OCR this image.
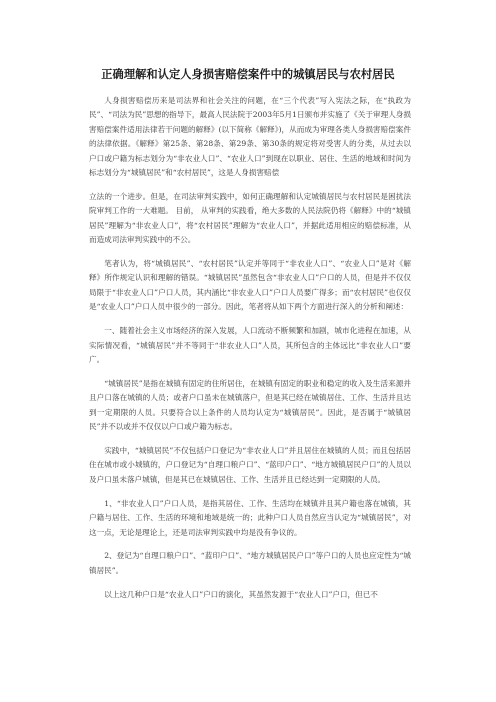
正确理解和认定人身损害赔偿案件中的城镇居民与农村居民

人身损害赔偿历来是司法界和社会关注的问题，在“三个代表”写入宪法之际，在“执政为民”、“司法为民”思想的指导下，最高人民法院于2003年5月1日颁布并实施了《关于审理人身损害赔偿案件适用法律若干问题的解释》(以下简称《解释》)，从而成为审理各类人身损害赔偿案件的法律依据。《解释》第25条、第28条、第29条、第30条的规定将对受害人的分类，从过去以户口或户籍为标志划分为“非农业人口”、“农业人口”到现在以职业、居住、生活的地域和时间为标志划分为“城镇居民”和“农村居民”，这是人身损害赔偿

立法的一个进步。但是，在司法审判实践中，如何正确理解和认定城镇居民与农村居民是困扰法院审判工作的一大难题。 目前， 从审判的实践看，绝大多数的人民法院仍将《解释》中的“城镇居民”理解为“非农业人口”，将“农村居民”理解为“农业人口”，并据此适用相应的赔偿标准，从而造成司法审判实践中的不公。

笔者认为，将“城镇居民”、“农村居民”认定并等同于“非农业人口”、“农业人口”是对《解释》所作规定认识和理解的错误。“城镇居民”虽然包含“非农业人口”户口的人员，但是并不仅仅局限于“非农业人口”户口人员，其内涵比“非农业人口”户口人员要广得多；而“农村居民”也仅仅是“农业人口”户口人员中很少的一部分。因此，笔者将从如下两个方面进行深入的分析和阐述：

一、随着社会主义市场经济的深入发展，人口流动不断频繁和加剧，城市化进程在加速，从实际情况看，“城镇居民”并不等同于“非农业人口”人员，其所包含的主体远比“非农业人口”要广。

“城镇居民”是指在城镇有固定的住所居住，在城镇有固定的职业和稳定的收入及生活来源并且户口落在城镇的人员；或者户口虽未在城镇落户，但是其已经在城镇居住、工作、生活并且达到一定期限的人员。只要符合以上条件的人员均认定为“城镇居民”。因此，是否属于“城镇居民”并不以或并不仅仅以户口或户籍为标志。

实践中，“城镇居民”不仅包括户口登记为“非农业人口”并且居住在城镇的人员；而且包括居住在城市或小城镇的，户口登记为“自理口粮户口”、“蓝印户口”、“地方城镇居民户口”的人员以及户口虽未落户城镇，但是其已在城镇居住、工作、生活并且已经达到一定期限的人员。

1、“非农业人口”户口人员，是指其居住、工作、生活均在城镇并且其户籍也落在城镇，其户籍与居住、工作、生活的环境和地域是统一的；此种户口人员自然应当认定为“城镇居民”，对这一点，无论是理论上，还是司法审判实践中均是没有争议的。

2、登记为“自理口粮户口”、“蓝印户口”、“地方城镇居民户口”等户口的人员也应定性为“城镇居民”。

以上这几种户口是“农业人口”户口的演化，其虽然发源于“农业人口”户口，但已不
